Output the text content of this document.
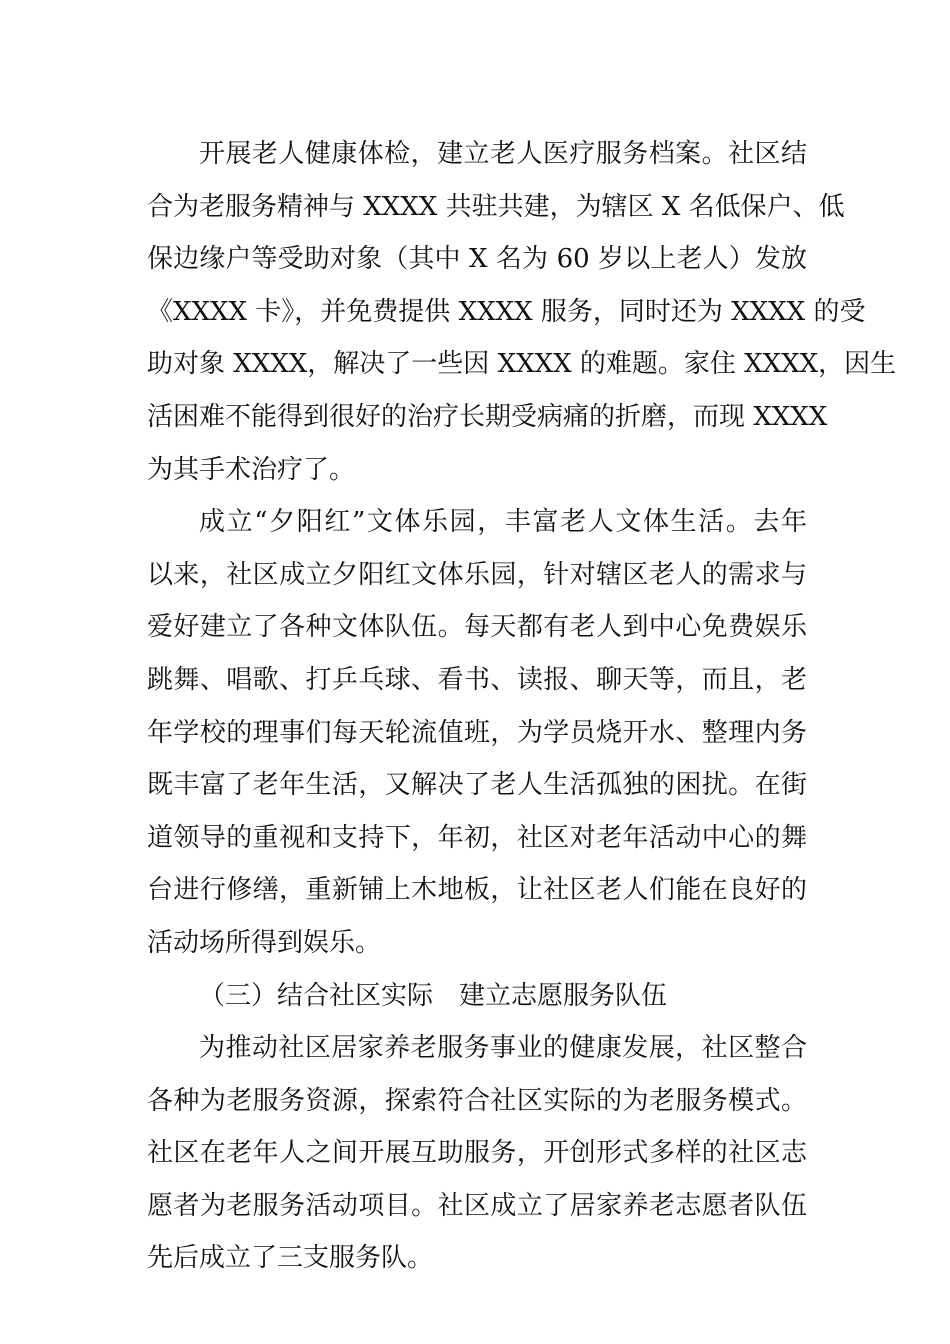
开展老人健康体检，建立老人医疗服务档案。社区结
合为老服务精神与 XXXX 共驻共建，为辖区 X 名低保户、低
保边缘户等受助对象（其中 X 名为 60 岁以上老人）发放
《XXXX 卡》，并免费提供 XXXX 服务，同时还为 XXXX 的受
助对象 XXXX，解决了一些因 XXXX 的难题。家住 XXXX，因生
活困难不能得到很好的治疗长期受病痛的折磨，而现 XXXX
为其手术治疗了。
成立“夕阳红”文体乐园，丰富老人文体生活。去年
以来，社区成立夕阳红文体乐园，针对辖区老人的需求与
爱好建立了各种文体队伍。每天都有老人到中心免费娱乐
跳舞、唱歌、打乒乓球、看书、读报、聊天等，而且，老
年学校的理事们每天轮流值班，为学员烧开水、整理内务
既丰富了老年生活，又解决了老人生活孤独的困扰。在街
道领导的重视和支持下，年初，社区对老年活动中心的舞
台进行修缮，重新铺上木地板，让社区老人们能在良好的
活动场所得到娱乐。
（三）结合社区实际　建立志愿服务队伍
为推动社区居家养老服务事业的健康发展，社区整合
各种为老服务资源，探索符合社区实际的为老服务模式。
社区在老年人之间开展互助服务，开创形式多样的社区志
愿者为老服务活动项目。社区成立了居家养老志愿者队伍
先后成立了三支服务队。
